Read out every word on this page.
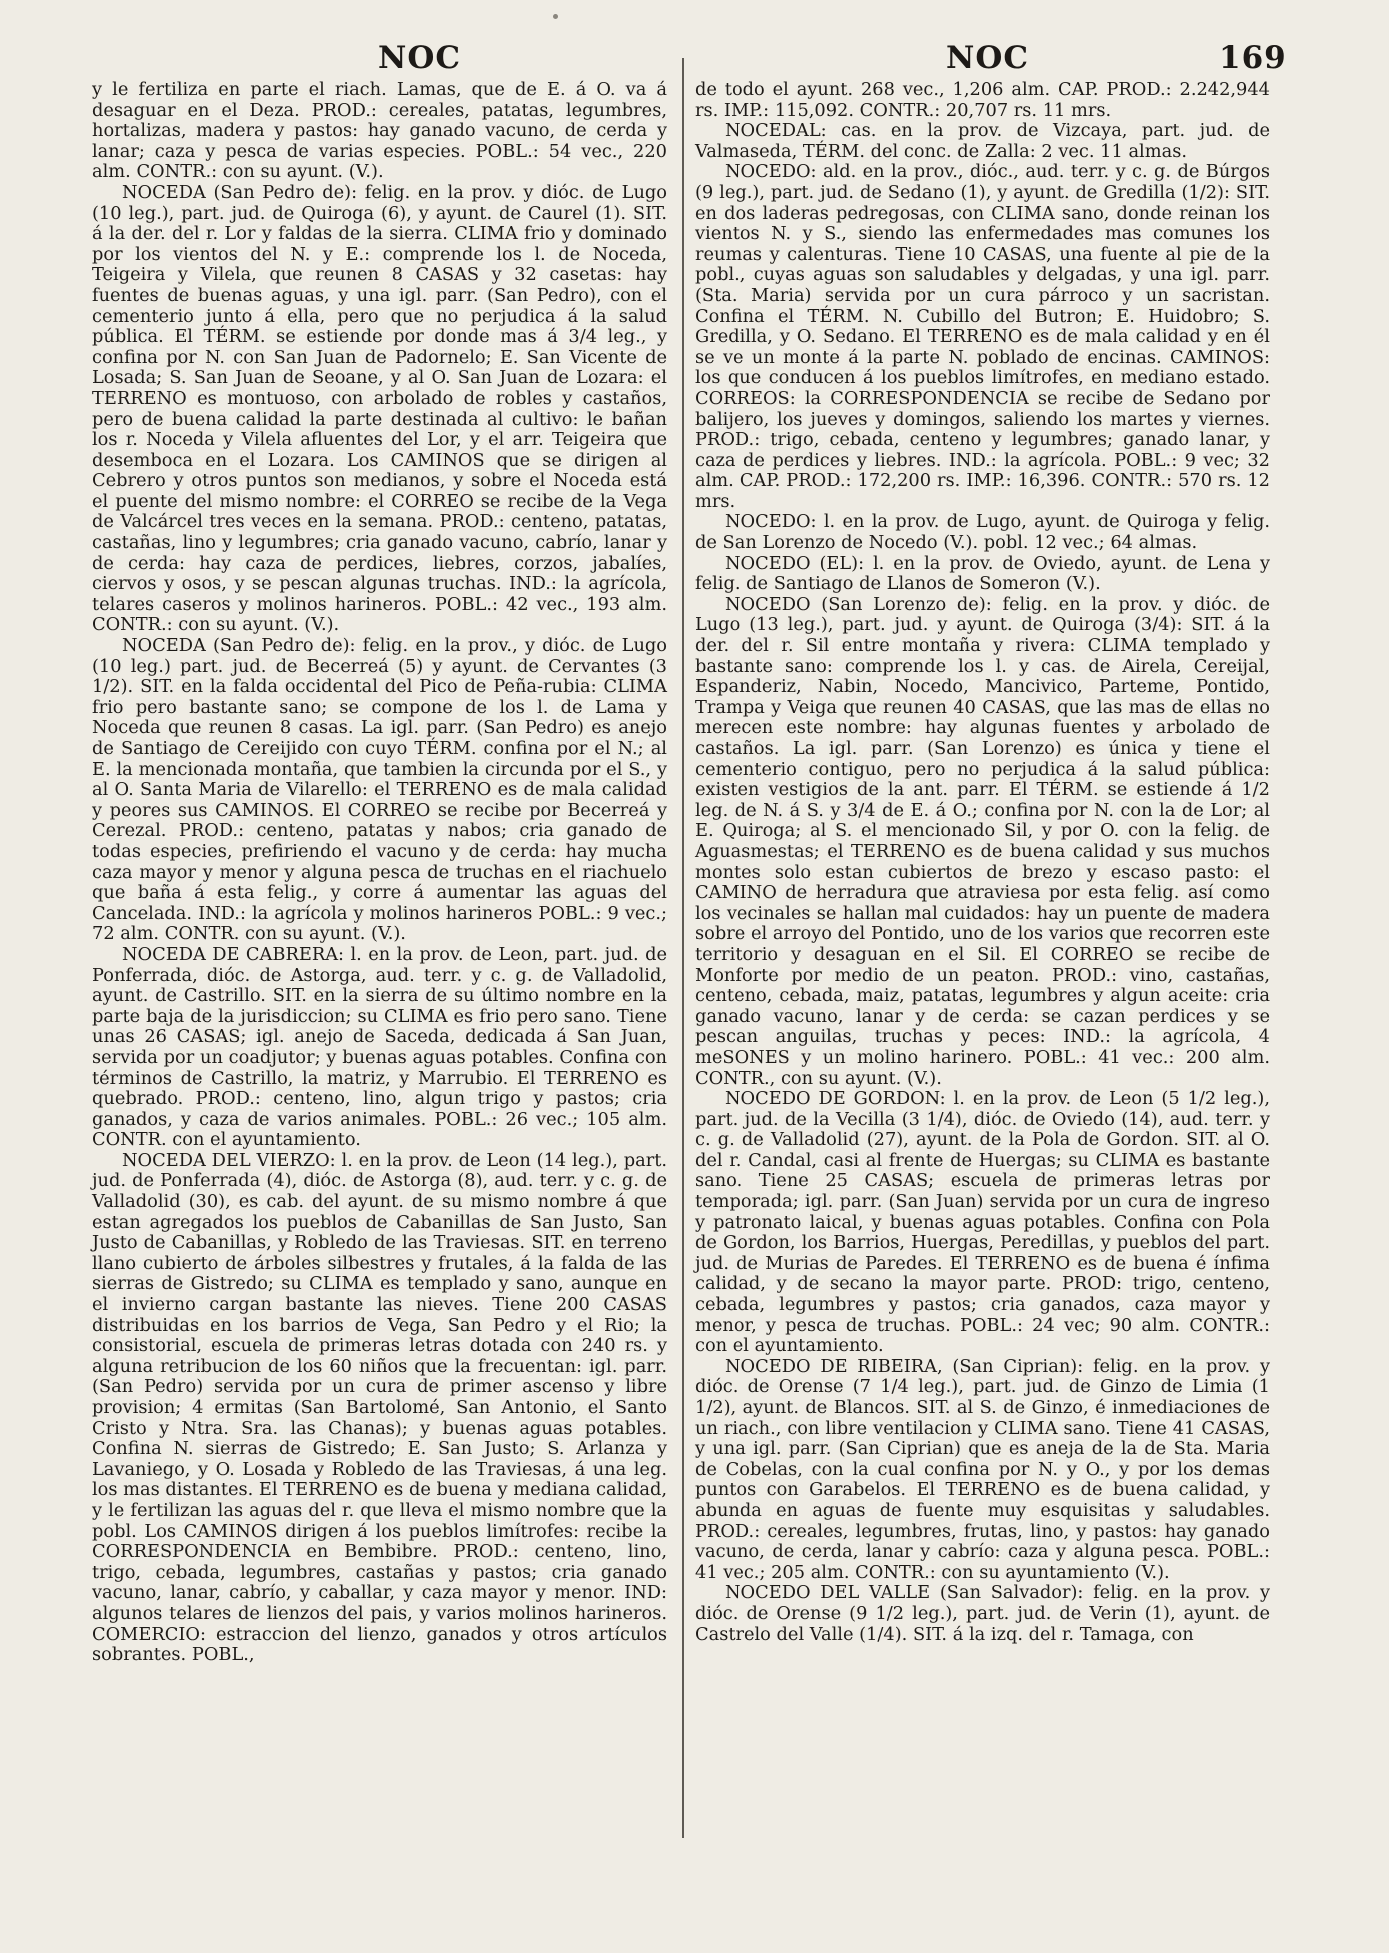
NOC	NOC	169

y le fertiliza en parte el riach. Lamas, que de E. á O. va á desaguar en el Deza. PROD.: cereales, patatas, legumbres, hortalizas, madera y pastos: hay ganado vacuno, de cerda y lanar; caza y pesca de varias especies. POBL.: 54 vec., 220 alm. CONTR.: con su ayunt. (V.).

NOCEDA (San Pedro de): felig. en la prov. y dióc. de Lugo (10 leg.), part. jud. de Quiroga (6), y ayunt. de Caurel (1). SIT. á la der. del r. Lor y faldas de la sierra. CLIMA frio y dominado por los vientos del N. y E.: comprende los l. de Noceda, Teigeira y Vilela, que reunen 8 CASAS y 32 casetas: hay fuentes de buenas aguas, y una igl. parr. (San Pedro), con el cementerio junto á ella, pero que no perjudica á la salud pública. El TÉRM. se estiende por donde mas á 3/4 leg., y confina por N. con San Juan de Padornelo; E. San Vicente de Losada; S. San Juan de Seoane, y al O. San Juan de Lozara: el TERRENO es montuoso, con arbolado de robles y castaños, pero de buena calidad la parte destinada al cultivo: le bañan los r. Noceda y Vilela afluentes del Lor, y el arr. Teigeira que desemboca en el Lozara. Los CAMINOS que se dirigen al Cebrero y otros puntos son medianos, y sobre el Noceda está el puente del mismo nombre: el CORREO se recibe de la Vega de Valcárcel tres veces en la semana. PROD.: centeno, patatas, castañas, lino y legumbres; cria ganado vacuno, cabrío, lanar y de cerda: hay caza de perdices, liebres, corzos, jabalíes, ciervos y osos, y se pescan algunas truchas. IND.: la agrícola, telares caseros y molinos harineros. POBL.: 42 vec., 193 alm. CONTR.: con su ayunt. (V.).

NOCEDA (San Pedro de): felig. en la prov., y dióc. de Lugo (10 leg.) part. jud. de Becerreá (5) y ayunt. de Cervantes (3 1/2). SIT. en la falda occidental del Pico de Peña-rubia: CLIMA frio pero bastante sano; se compone de los l. de Lama y Noceda que reunen 8 casas. La igl. parr. (San Pedro) es anejo de Santiago de Cereijido con cuyo TÉRM. confina por el N.; al E. la mencionada montaña, que tambien la circunda por el S., y al O. Santa Maria de Vilarello: el TERRENO es de mala calidad y peores sus CAMINOS. El CORREO se recibe por Becerreá y Cerezal. PROD.: centeno, patatas y nabos; cria ganado de todas especies, prefiriendo el vacuno y de cerda: hay mucha caza mayor y menor y alguna pesca de truchas en el riachuelo que baña á esta felig., y corre á aumentar las aguas del Cancelada. IND.: la agrícola y molinos harineros POBL.: 9 vec.; 72 alm. CONTR. con su ayunt. (V.).

NOCEDA DE CABRERA: l. en la prov. de Leon, part. jud. de Ponferrada, dióc. de Astorga, aud. terr. y c. g. de Valladolid, ayunt. de Castrillo. SIT. en la sierra de su último nombre en la parte baja de la jurisdiccion; su CLIMA es frio pero sano. Tiene unas 26 CASAS; igl. anejo de Saceda, dedicada á San Juan, servida por un coadjutor; y buenas aguas potables. Confina con términos de Castrillo, la matriz, y Marrubio. El TERRENO es quebrado. PROD.: centeno, lino, algun trigo y pastos; cria ganados, y caza de varios animales. POBL.: 26 vec.; 105 alm. CONTR. con el ayuntamiento.

NOCEDA DEL VIERZO: l. en la prov. de Leon (14 leg.), part. jud. de Ponferrada (4), dióc. de Astorga (8), aud. terr. y c. g. de Valladolid (30), es cab. del ayunt. de su mismo nombre á que estan agregados los pueblos de Cabanillas de San Justo, San Justo de Cabanillas, y Robledo de las Traviesas. SIT. en terreno llano cubierto de árboles silbestres y frutales, á la falda de las sierras de Gistredo; su CLIMA es templado y sano, aunque en el invierno cargan bastante las nieves. Tiene 200 CASAS distribuidas en los barrios de Vega, San Pedro y el Rio; la consistorial, escuela de primeras letras dotada con 240 rs. y alguna retribucion de los 60 niños que la frecuentan: igl. parr. (San Pedro) servida por un cura de primer ascenso y libre provision; 4 ermitas (San Bartolomé, San Antonio, el Santo Cristo y Ntra. Sra. las Chanas); y buenas aguas potables. Confina N. sierras de Gistredo; E. San Justo; S. Arlanza y Lavaniego, y O. Losada y Robledo de las Traviesas, á una leg. los mas distantes. El TERRENO es de buena y mediana calidad, y le fertilizan las aguas del r. que lleva el mismo nombre que la pobl. Los CAMINOS dirigen á los pueblos limítrofes: recibe la CORRESPONDENCIA en Bembibre. PROD.: centeno, lino, trigo, cebada, legumbres, castañas y pastos; cria ganado vacuno, lanar, cabrío, y caballar, y caza mayor y menor. IND: algunos telares de lienzos del pais, y varios molinos harineros. COMERCIO: estraccion del lienzo, ganados y otros artículos sobrantes. POBL.,

de todo el ayunt. 268 vec., 1,206 alm. CAP. PROD.: 2.242,944 rs. IMP.: 115,092. CONTR.: 20,707 rs. 11 mrs.

NOCEDAL: cas. en la prov. de Vizcaya, part. jud. de Valmaseda, TÉRM. del conc. de Zalla: 2 vec. 11 almas.

NOCEDO: ald. en la prov., dióc., aud. terr. y c. g. de Búrgos (9 leg.), part. jud. de Sedano (1), y ayunt. de Gredilla (1/2): SIT. en dos laderas pedregosas, con CLIMA sano, donde reinan los vientos N. y S., siendo las enfermedades mas comunes los reumas y calenturas. Tiene 10 CASAS, una fuente al pie de la pobl., cuyas aguas son saludables y delgadas, y una igl. parr. (Sta. Maria) servida por un cura párroco y un sacristan. Confina el TÉRM. N. Cubillo del Butron; E. Huidobro; S. Gredilla, y O. Sedano. El TERRENO es de mala calidad y en él se ve un monte á la parte N. poblado de encinas. CAMINOS: los que conducen á los pueblos limítrofes, en mediano estado. CORREOS: la CORRESPONDENCIA se recibe de Sedano por balijero, los jueves y domingos, saliendo los martes y viernes. PROD.: trigo, cebada, centeno y legumbres; ganado lanar, y caza de perdices y liebres. IND.: la agrícola. POBL.: 9 vec; 32 alm. CAP. PROD.: 172,200 rs. IMP.: 16,396. CONTR.: 570 rs. 12 mrs.

NOCEDO: l. en la prov. de Lugo, ayunt. de Quiroga y felig. de San Lorenzo de Nocedo (V.). pobl. 12 vec.; 64 almas.

NOCEDO (EL): l. en la prov. de Oviedo, ayunt. de Lena y felig. de Santiago de Llanos de Someron (V.).

NOCEDO (San Lorenzo de): felig. en la prov. y dióc. de Lugo (13 leg.), part. jud. y ayunt. de Quiroga (3/4): SIT. á la der. del r. Sil entre montaña y rivera: CLIMA templado y bastante sano: comprende los l. y cas. de Airela, Cereijal, Espanderiz, Nabin, Nocedo, Mancivico, Parteme, Pontido, Trampa y Veiga que reunen 40 CASAS, que las mas de ellas no merecen este nombre: hay algunas fuentes y arbolado de castaños. La igl. parr. (San Lorenzo) es única y tiene el cementerio contiguo, pero no perjudica á la salud pública: existen vestigios de la ant. parr. El TÉRM. se estiende á 1/2 leg. de N. á S. y 3/4 de E. á O.; confina por N. con la de Lor; al E. Quiroga; al S. el mencionado Sil, y por O. con la felig. de Aguasmestas; el TERRENO es de buena calidad y sus muchos montes solo estan cubiertos de brezo y escaso pasto: el CAMINO de herradura que atraviesa por esta felig. así como los vecinales se hallan mal cuidados: hay un puente de madera sobre el arroyo del Pontido, uno de los varios que recorren este territorio y desaguan en el Sil. El CORREO se recibe de Monforte por medio de un peaton. PROD.: vino, castañas, centeno, cebada, maiz, patatas, legumbres y algun aceite: cria ganado vacuno, lanar y de cerda: se cazan perdices y se pescan anguilas, truchas y peces: IND.: la agrícola, 4 meSONES y un molino harinero. POBL.: 41 vec.: 200 alm. CONTR., con su ayunt. (V.).

NOCEDO DE GORDON: l. en la prov. de Leon (5 1/2 leg.), part. jud. de la Vecilla (3 1/4), dióc. de Oviedo (14), aud. terr. y c. g. de Valladolid (27), ayunt. de la Pola de Gordon. SIT. al O. del r. Candal, casi al frente de Huergas; su CLIMA es bastante sano. Tiene 25 CASAS; escuela de primeras letras por temporada; igl. parr. (San Juan) servida por un cura de ingreso y patronato laical, y buenas aguas potables. Confina con Pola de Gordon, los Barrios, Huergas, Peredillas, y pueblos del part. jud. de Murias de Paredes. El TERRENO es de buena é ínfima calidad, y de secano la mayor parte. PROD: trigo, centeno, cebada, legumbres y pastos; cria ganados, caza mayor y menor, y pesca de truchas. POBL.: 24 vec; 90 alm. CONTR.: con el ayuntamiento.

NOCEDO DE RIBEIRA, (San Ciprian): felig. en la prov. y dióc. de Orense (7 1/4 leg.), part. jud. de Ginzo de Limia (1 1/2), ayunt. de Blancos. SIT. al S. de Ginzo, é inmediaciones de un riach., con libre ventilacion y CLIMA sano. Tiene 41 CASAS, y una igl. parr. (San Ciprian) que es aneja de la de Sta. Maria de Cobelas, con la cual confina por N. y O., y por los demas puntos con Garabelos. El TERRENO es de buena calidad, y abunda en aguas de fuente muy esquisitas y saludables. PROD.: cereales, legumbres, frutas, lino, y pastos: hay ganado vacuno, de cerda, lanar y cabrío: caza y alguna pesca. POBL.: 41 vec.; 205 alm. CONTR.: con su ayuntamiento (V.).

NOCEDO DEL VALLE (San Salvador): felig. en la prov. y dióc. de Orense (9 1/2 leg.), part. jud. de Verin (1), ayunt. de Castrelo del Valle (1/4). SIT. á la izq. del r. Tamaga, con
